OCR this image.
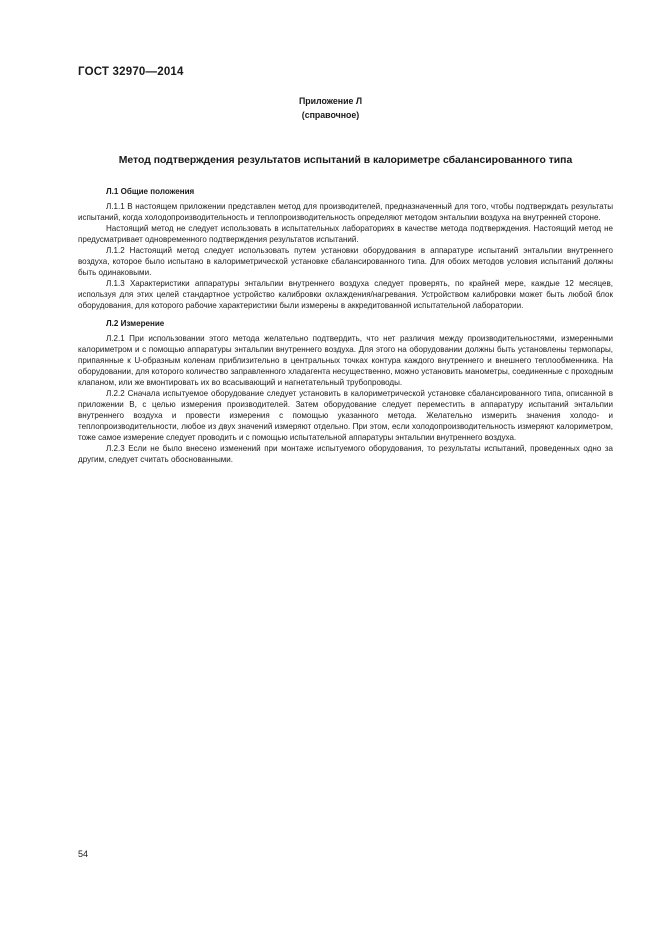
ГОСТ 32970—2014
Приложение Л
(справочное)
Метод подтверждения результатов испытаний в калориметре сбалансированного типа
Л.1 Общие положения

Л.1.1 В настоящем приложении представлен метод для производителей, предназначенный для того, чтобы подтверждать результаты испытаний, когда холодопроизводительность и теплопроизводительность определяют методом энтальпии воздуха на внутренней стороне.

Настоящий метод не следует использовать в испытательных лабораториях в качестве метода подтверждения. Настоящий метод не предусматривает одновременного подтверждения результатов испытаний.

Л.1.2 Настоящий метод следует использовать путем установки оборудования в аппаратуре испытаний энтальпии внутреннего воздуха, которое было испытано в калориметрической установке сбалансированного типа. Для обоих методов условия испытаний должны быть одинаковыми.

Л.1.3 Характеристики аппаратуры энтальпии внутреннего воздуха следует проверять, по крайней мере, каждые 12 месяцев, используя для этих целей стандартное устройство калибровки охлаждения/нагревания. Устройством калибровки может быть любой блок оборудования, для которого рабочие характеристики были измерены в аккредитованной испытательной лаборатории.

Л.2 Измерение

Л.2.1 При использовании этого метода желательно подтвердить, что нет различия между производительностями, измеренными калориметром и с помощью аппаратуры энтальпии внутреннего воздуха. Для этого на оборудовании должны быть установлены термопары, припаянные к U-образным коленам приблизительно в центральных точках контура каждого внутреннего и внешнего теплообменника. На оборудовании, для которого количество заправленного хладагента несущественно, можно установить манометры, соединенные с проходным клапаном, или же вмонтировать их во всасывающий и нагнетательный трубопроводы.

Л.2.2 Сначала испытуемое оборудование следует установить в калориметрической установке сбалансированного типа, описанной в приложении В, с целью измерения производителей. Затем оборудование следует переместить в аппаратуру испытаний энтальпии внутреннего воздуха и провести измерения с помощью указанного метода. Желательно измерить значения холодо- и теплопроизводительности, любое из двух значений измеряют отдельно. При этом, если холодопроизводительность измеряют калориметром, тоже самое измерение следует проводить и с помощью испытательной аппаратуры энтальпии внутреннего воздуха.

Л.2.3 Если не было внесено изменений при монтаже испытуемого оборудования, то результаты испытаний, проведенных одно за другим, следует считать обоснованными.

54
